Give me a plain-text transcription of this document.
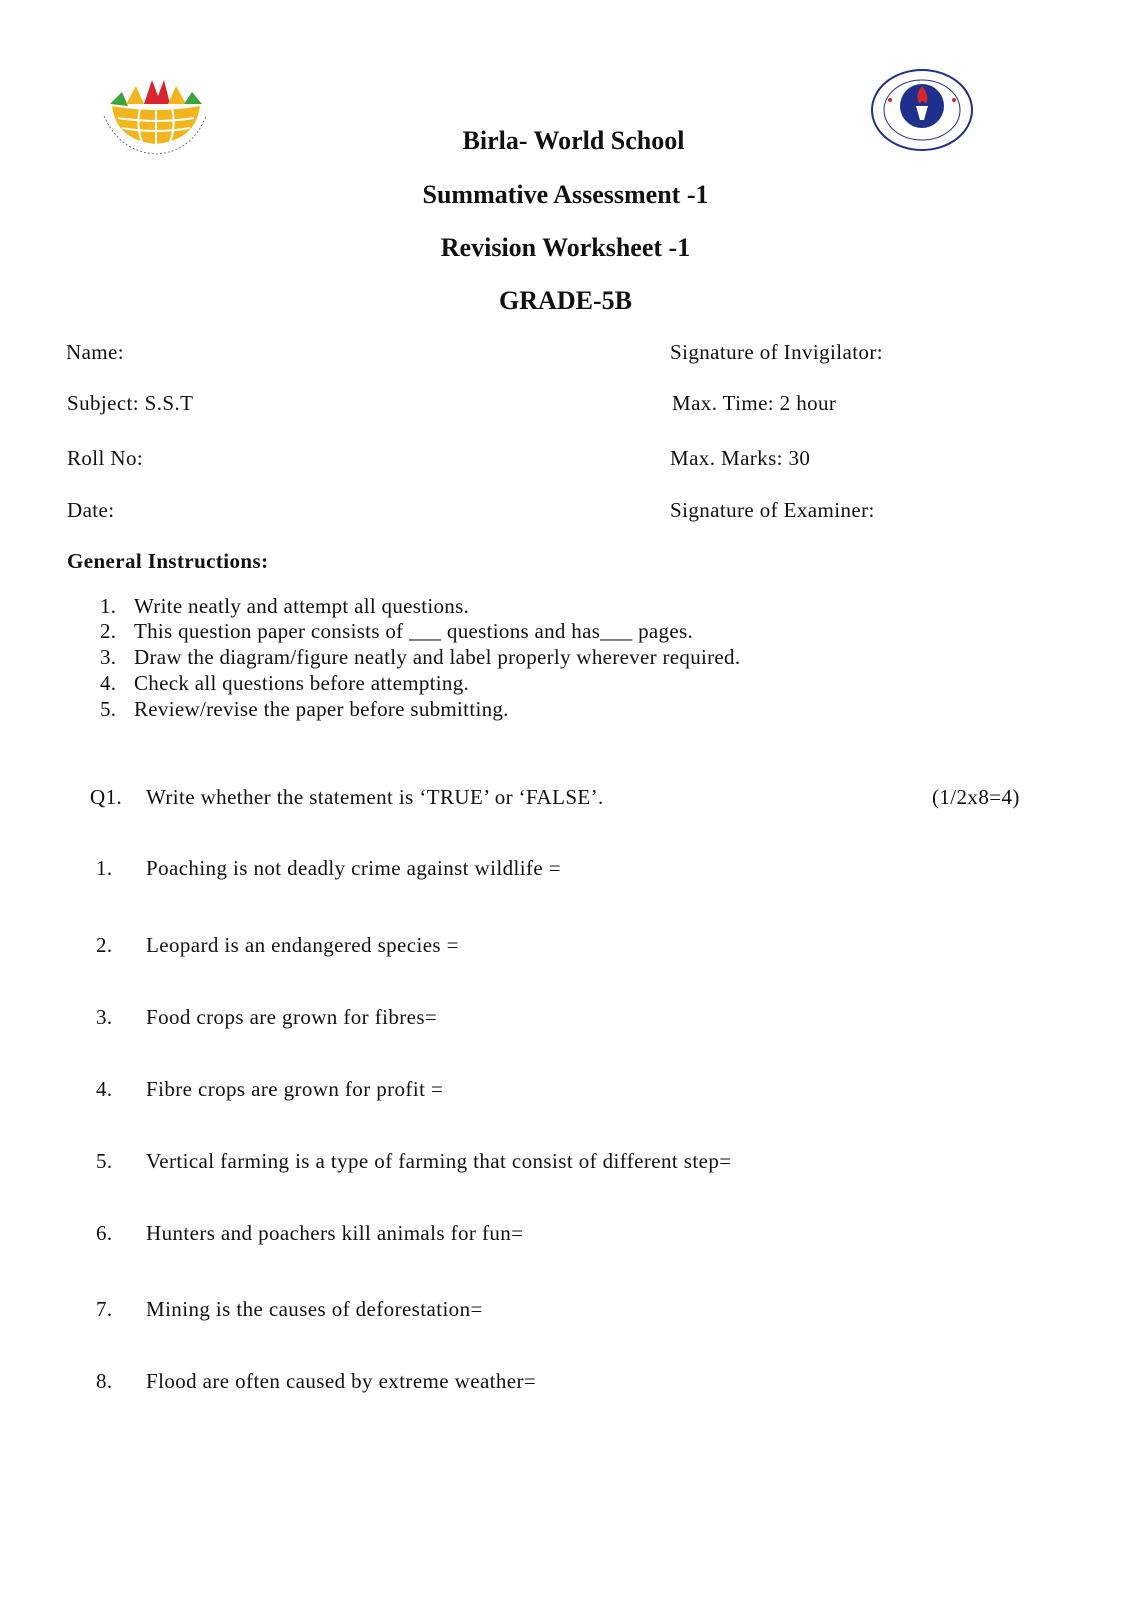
Birla- World School
Summative Assessment -1
Revision Worksheet -1
GRADE-5B
Name:	Signature of Invigilator:
Subject: S.S.T	Max. Time: 2 hour
Roll No:	Max. Marks: 30
Date:	Signature of Examiner:
General Instructions:
1. Write neatly and attempt all questions.
2. This question paper consists of ___ questions and has___ pages.
3. Draw the diagram/figure neatly and label properly wherever required.
4. Check all questions before attempting.
5. Review/revise the paper before submitting.
Q1. Write whether the statement is ‘TRUE’ or ‘FALSE’.	(1/2x8=4)
1. Poaching is not deadly crime against wildlife =
2. Leopard is an endangered species =
3. Food crops are grown for fibres=
4. Fibre crops are grown for profit =
5. Vertical farming is a type of farming that consist of different step=
6. Hunters and poachers kill animals for fun=
7. Mining is the causes of deforestation=
8. Flood are often caused by extreme weather=
